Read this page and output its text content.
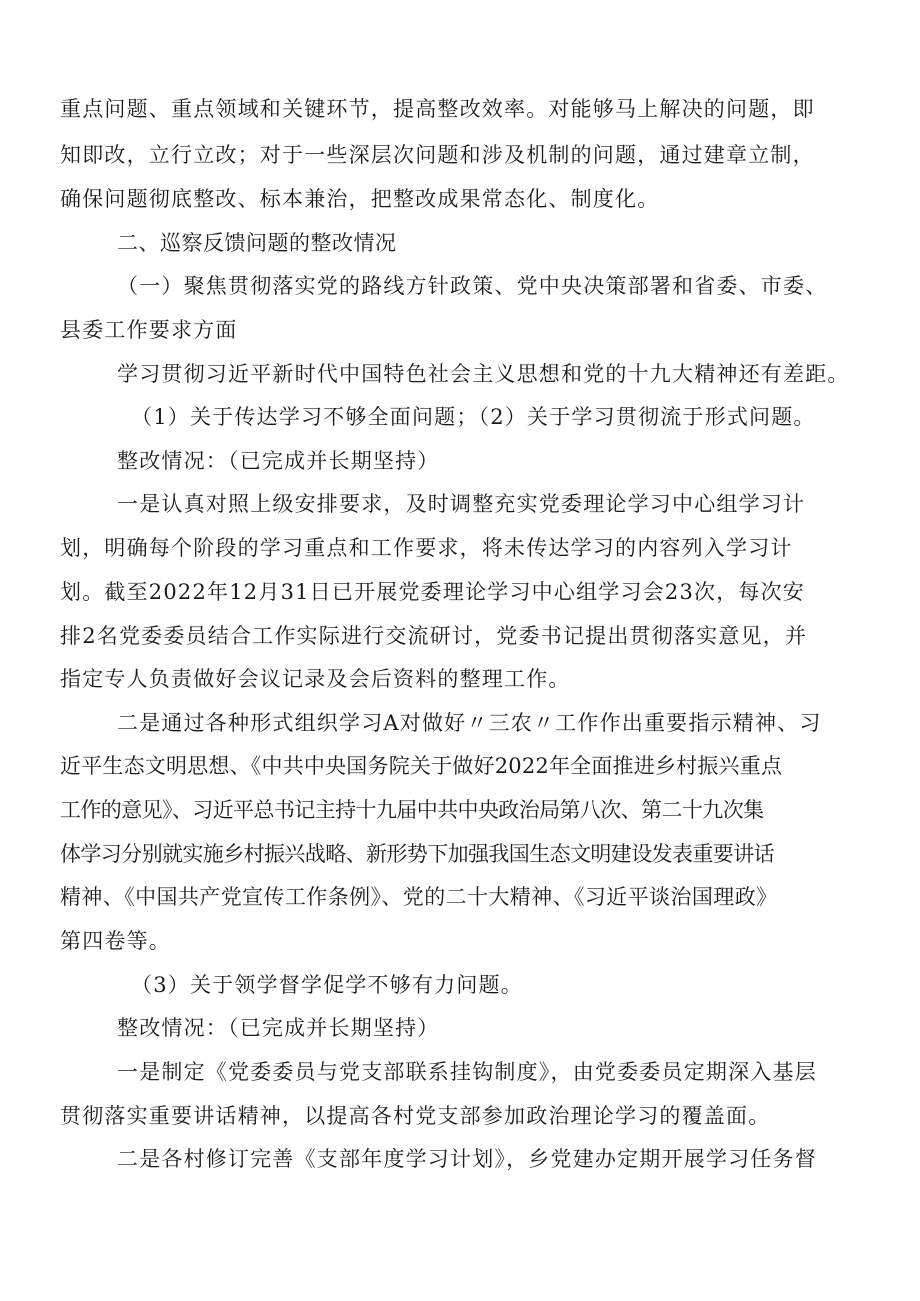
重点问题、重点领域和关键环节，提高整改效率。对能够马上解决的问题，即
知即改，立行立改；对于一些深层次问题和涉及机制的问题，通过建章立制，
确保问题彻底整改、标本兼治，把整改成果常态化、制度化。
二、巡察反馈问题的整改情况
（一）聚焦贯彻落实党的路线方针政策、党中央决策部署和省委、市委、
县委工作要求方面
学习贯彻习近平新时代中国特色社会主义思想和党的十九大精神还有差距。
（1）关于传达学习不够全面问题；（2）关于学习贯彻流于形式问题。
整改情况：（已完成并长期坚持）
一是认真对照上级安排要求，及时调整充实党委理论学习中心组学习计
划，明确每个阶段的学习重点和工作要求，将未传达学习的内容列入学习计
划。截至2022年12月31日已开展党委理论学习中心组学习会23次，每次安
排2名党委委员结合工作实际进行交流研讨，党委书记提出贯彻落实意见，并
指定专人负责做好会议记录及会后资料的整理工作。
二是通过各种形式组织学习A对做好〃三农〃工作作出重要指示精神、习
近平生态文明思想、《中共中央国务院关于做好2022年全面推进乡村振兴重点
工作的意见》、习近平总书记主持十九届中共中央政治局第八次、第二十九次集
体学习分别就实施乡村振兴战略、新形势下加强我国生态文明建设发表重要讲话
精神、《中国共产党宣传工作条例》、党的二十大精神、《习近平谈治国理政》
第四卷等。
（3）关于领学督学促学不够有力问题。
整改情况：（已完成并长期坚持）
一是制定《党委委员与党支部联系挂钩制度》，由党委委员定期深入基层
贯彻落实重要讲话精神，以提高各村党支部参加政治理论学习的覆盖面。
二是各村修订完善《支部年度学习计划》，乡党建办定期开展学习任务督
